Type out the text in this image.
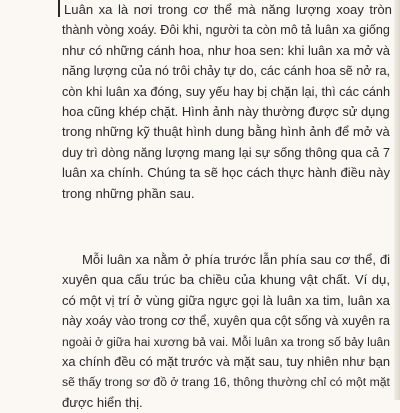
Luân xa là nơi trong cơ thể mà năng lượng xoay tròn
thành vòng xoáy. Đôi khi, người ta còn mô tả luân xa giống
như có những cánh hoa, như hoa sen: khi luân xa mở và
năng lượng của nó trôi chảy tự do, các cánh hoa sẽ nở ra,
còn khi luân xa đóng, suy yếu hay bị chặn lại, thì các cánh
hoa cũng khép chặt. Hình ảnh này thường được sử dụng
trong những kỹ thuật hình dung bằng hình ảnh để mở và
duy trì dòng năng lượng mang lại sự sống thông qua cả 7
luân xa chính. Chúng ta sẽ học cách thực hành điều này
trong những phần sau.

Mỗi luân xa nằm ở phía trước lẫn phía sau cơ thể, đi
xuyên qua cấu trúc ba chiều của khung vật chất. Ví dụ,
có một vị trí ở vùng giữa ngực gọi là luân xa tim, luân xa
này xoáy vào trong cơ thể, xuyên qua cột sống và xuyên ra
ngoài ở giữa hai xương bả vai. Mỗi luân xa trong số bảy luân
xa chính đều có mặt trước và mặt sau, tuy nhiên như bạn
sẽ thấy trong sơ đồ ở trang 16, thông thường chỉ có một mặt
được hiển thị.
